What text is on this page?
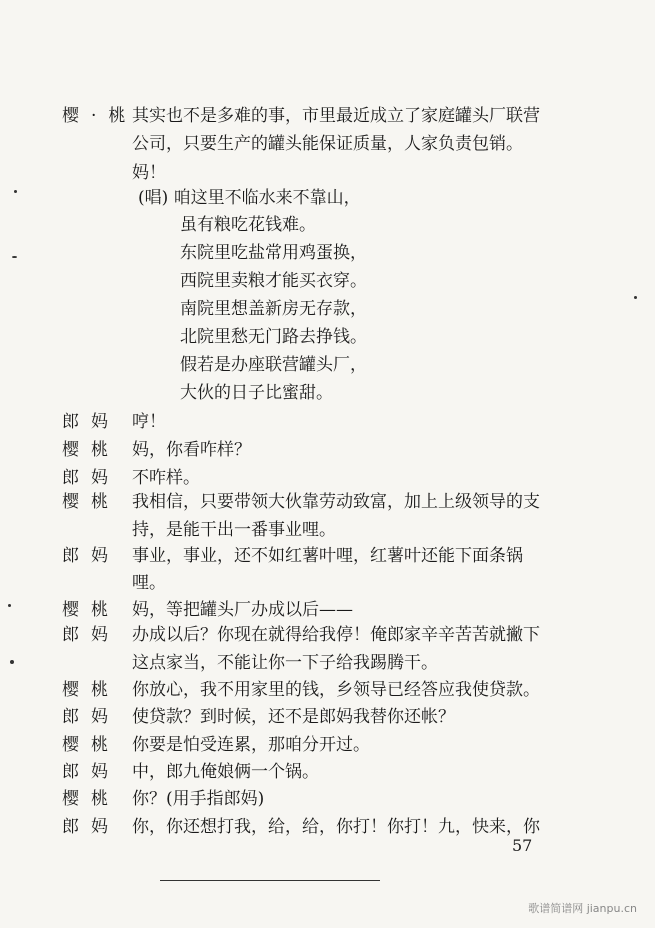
樱·桃
其实也不是多难的事，市里最近成立了家庭罐头厂联营
公司，只要生产的罐头能保证质量，人家负责包销。
妈！
(唱) 咱这里不临水来不靠山，
虽有粮吃花钱难。
东院里吃盐常用鸡蛋换，
西院里卖粮才能买衣穿。
南院里想盖新房无存款，
北院里愁无门路去挣钱。
假若是办座联营罐头厂，
大伙的日子比蜜甜。
郎妈 哼！
樱桃 妈，你看咋样？
郎妈 不咋样。
樱桃 我相信，只要带领大伙靠劳动致富，加上上级领导的支
持，是能干出一番事业哩。
郎妈 事业，事业，还不如红薯叶哩，红薯叶还能下面条锅
哩。
樱桃 妈，等把罐头厂办成以后——
郎妈 办成以后？你现在就得给我停！俺郎家辛辛苦苦就撇下
这点家当，不能让你一下子给我踢腾干。
樱桃 你放心，我不用家里的钱，乡领导已经答应我使贷款。
郎妈 使贷款？到时候，还不是郎妈我替你还帐？
樱桃 你要是怕受连累，那咱分开过。
郎妈 中，郎九俺娘俩一个锅。
樱桃 你？(用手指郎妈)
郎妈 你，你还想打我，给，给，你打！你打！九，快来，你
57
歌谱简谱网 jianpu.cn
